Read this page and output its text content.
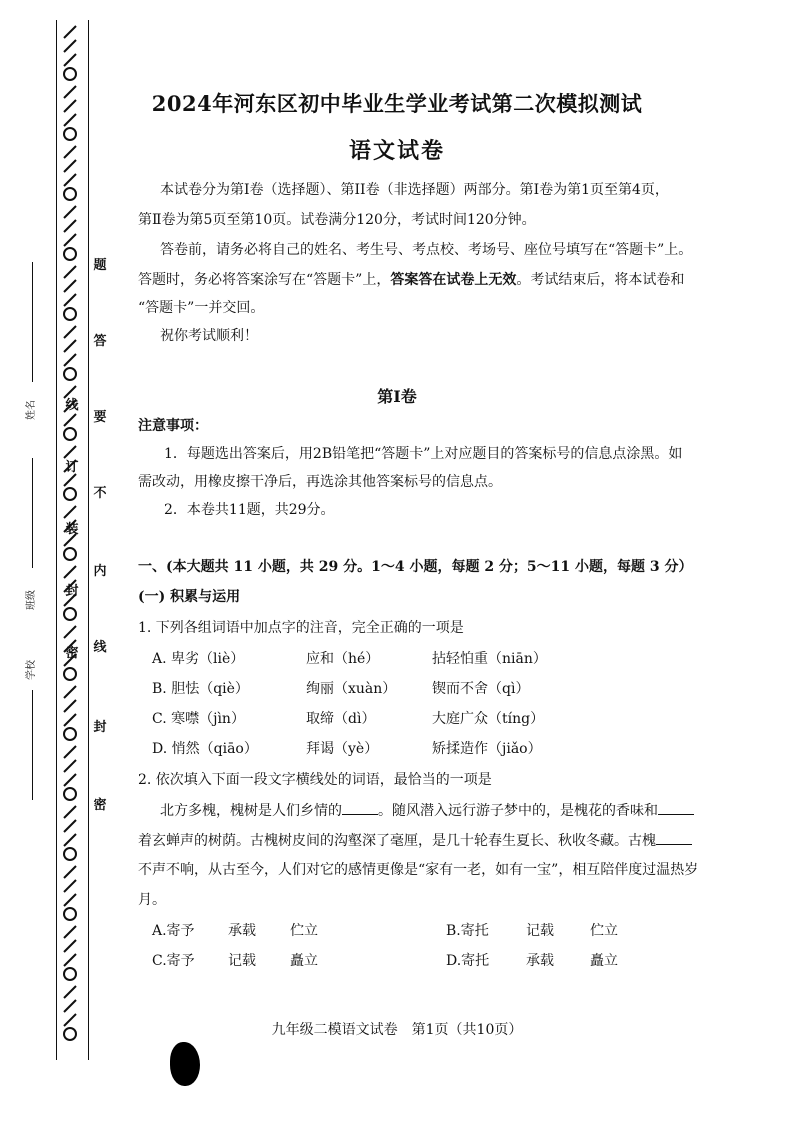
订
装
封
密
线
题
答
要
不
内
线
封
密
姓名
班级
学校
2024年河东区初中毕业生学业考试第二次模拟测试
语文试卷
本试卷分为第Ⅰ卷（选择题）、第II卷（非选择题）两部分。第Ⅰ卷为第1页至第4页，
第Ⅱ卷为第5页至第10页。试卷满分120分，考试时间120分钟。
答卷前，请务必将自己的姓名、考生号、考点校、考场号、座位号填写在“答题卡”上。
答题时，务必将答案涂写在“答题卡”上，答案答在试卷上无效。考试结束后，将本试卷和
“答题卡”一并交回。
祝你考试顺利！
第Ⅰ卷
注意事项：
1．每题选出答案后，用2B铅笔把“答题卡”上对应题目的答案标号的信息点涂黑。如
需改动，用橡皮擦干净后，再选涂其他答案标号的信息点。
2．本卷共11题，共29分。
一、(本大题共 11 小题，共 29 分。1～4 小题，每题 2 分；5～11 小题，每题 3 分）
(一) 积累与运用
1. 下列各组词语中加点字的注音，完全正确的一项是
A. 卑劣（liè）	应和（hé）	拈轻怕重（niān）
B. 胆怯（qiè）	绚丽（xuàn）	锲而不舍（qì）
C. 寒噤（jìn）	取缔（dì）	大庭广众（tíng）
D. 悄然（qiāo）	拜谒（yè）	矫揉造作（jiǎo）
2. 依次填入下面一段文字横线处的词语，最恰当的一项是
北方多槐，槐树是人们乡情的	。随风潜入远行游子梦中的，是槐花的香味和
着玄蝉声的树荫。古槐树皮间的沟壑深了毫厘，是几十轮春生夏长、秋收冬藏。古槐
不声不响，从古至今，人们对它的感情更像是“家有一老，如有一宝”，相互陪伴度过温热岁
月。
A.寄予 承载 伫立	B.寄托	记载	伫立
C.寄予 记载 矗立	D.寄托	承载	矗立
九年级二模语文试卷　第1页（共10页）
